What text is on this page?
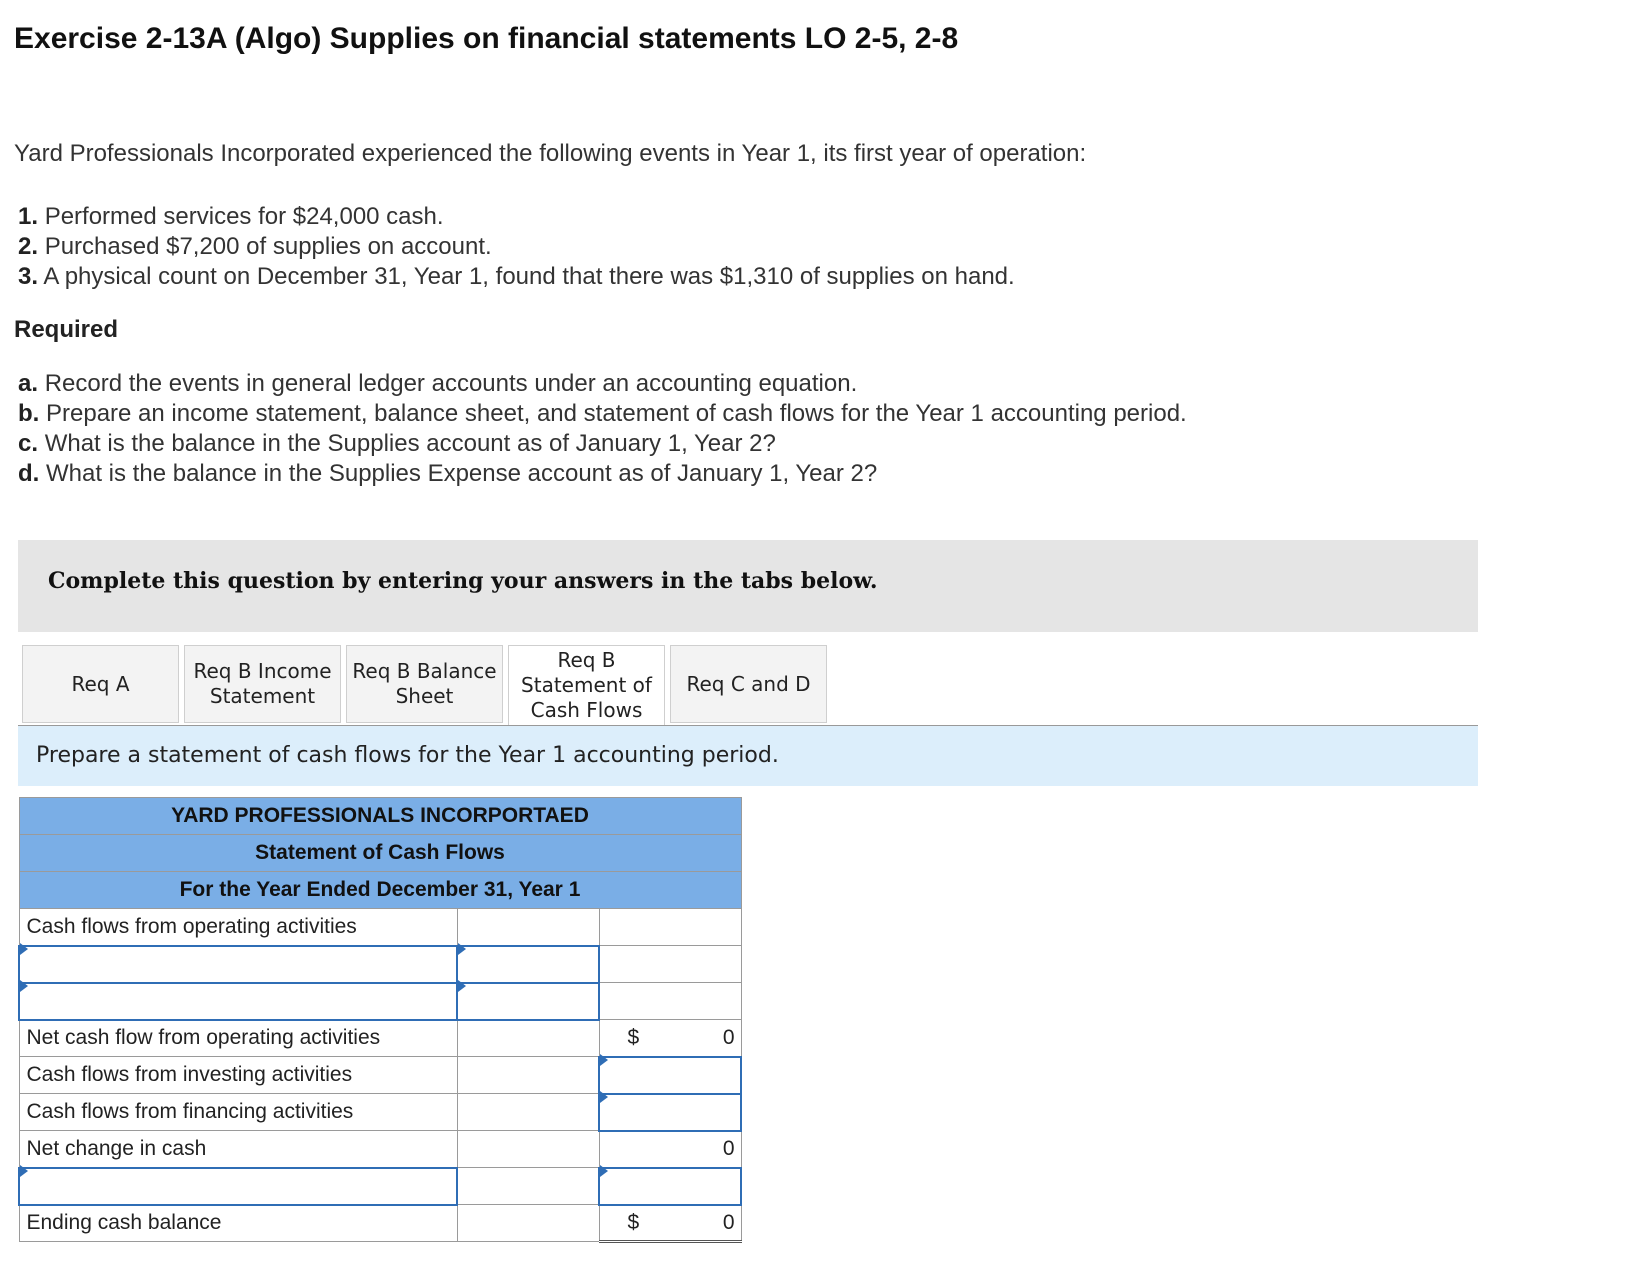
Exercise 2-13A (Algo) Supplies on financial statements LO 2-5, 2-8
Yard Professionals Incorporated experienced the following events in Year 1, its first year of operation:
1. Performed services for $24,000 cash.
2. Purchased $7,200 of supplies on account.
3. A physical count on December 31, Year 1, found that there was $1,310 of supplies on hand.
Required
a. Record the events in general ledger accounts under an accounting equation.
b. Prepare an income statement, balance sheet, and statement of cash flows for the Year 1 accounting period.
c. What is the balance in the Supplies account as of January 1, Year 2?
d. What is the balance in the Supplies Expense account as of January 1, Year 2?
Complete this question by entering your answers in the tabs below.
Req A
Req B Income
Statement
Req B Balance
Sheet
Req B
Statement of
Cash Flows
Req C and D
Prepare a statement of cash flows for the Year 1 accounting period.
YARD PROFESSIONALS INCORPORTAED		
Statement of Cash Flows		
For the Year Ended December 31, Year 1		
Cash flows from operating activities		

Net cash flow from operating activities		$ 0

Cash flows from investing activities		
Cash flows from financing activities		
Net change in cash		0

Ending cash balance		$ 0
